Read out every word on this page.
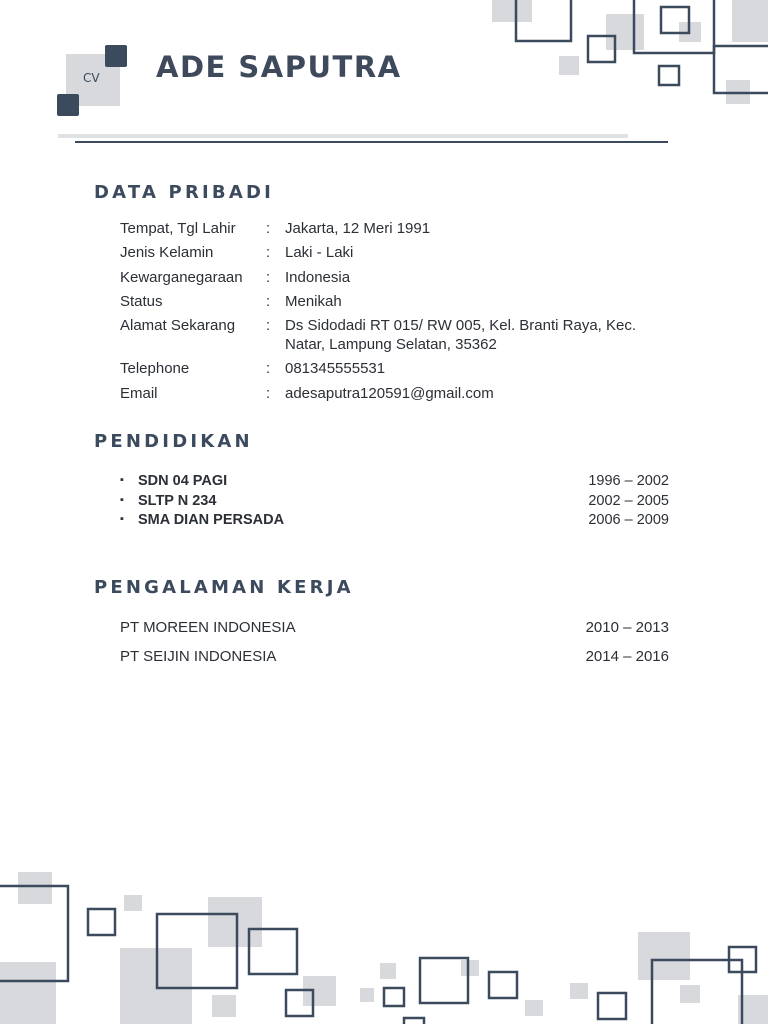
CV ADE SAPUTRA
DATA PRIBADI
Tempat, Tgl Lahir : Jakarta, 12 Meri 1991
Jenis Kelamin	: Laki - Laki
Kewarganegaraan : Indonesia
Status	: Menikah
Alamat Sekarang : Ds Sidodadi RT 015/ RW 005, Kel. Branti Raya, Kec. Natar, Lampung Selatan, 35362
Telephone	: 081345555531
Email	: adesaputra120591@gmail.com
PENDIDIKAN
▪ SDN 04 PAGI	1996 – 2002
▪ SLTP N 234	2002 – 2005
▪ SMA DIAN PERSADA	2006 – 2009
PENGALAMAN KERJA
PT MOREEN INDONESIA	2010 – 2013
PT SEIJIN INDONESIA	2014 – 2016
